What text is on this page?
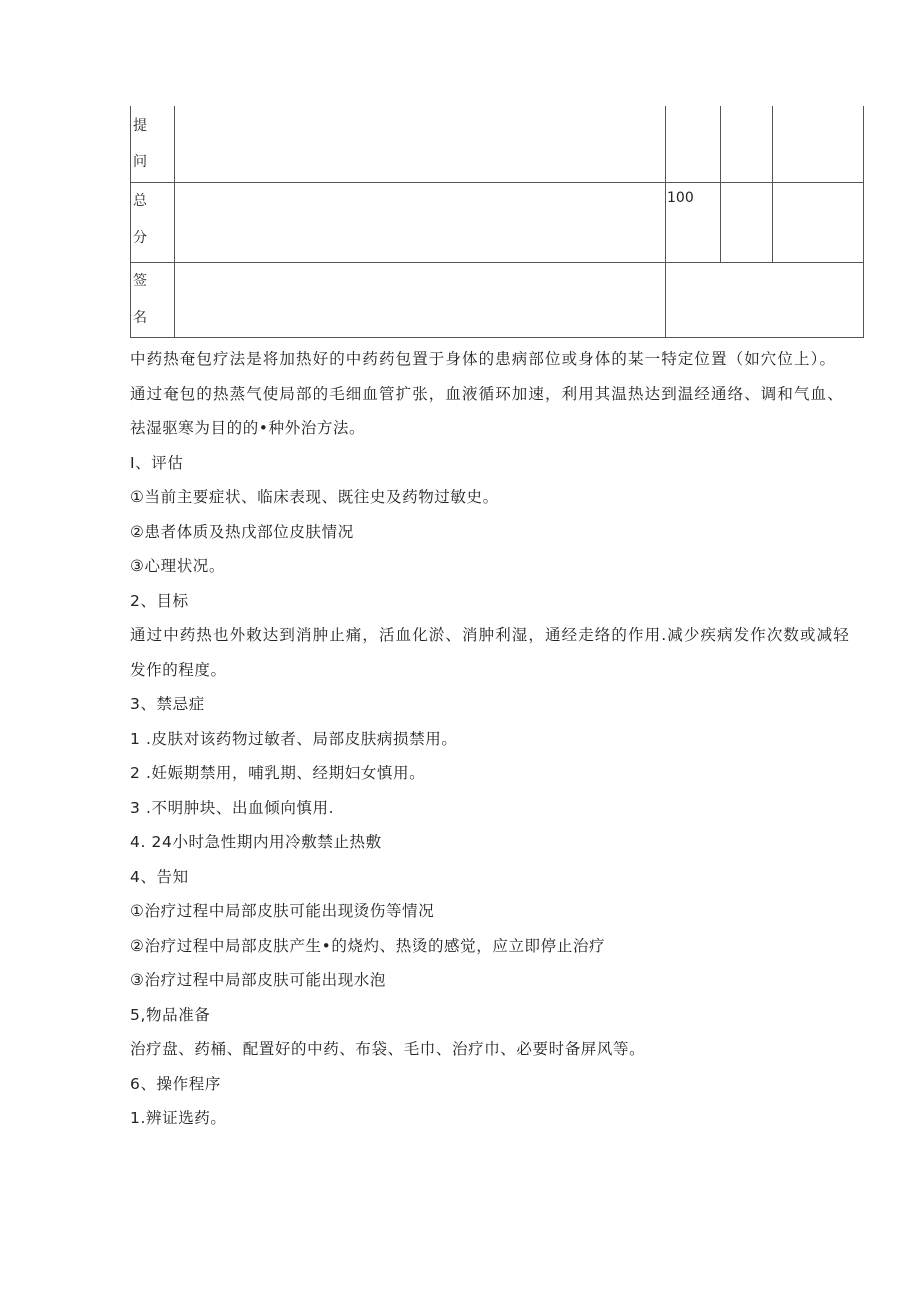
提
问				

总
分		100		

签
名				

中药热奄包疗法是将加热好的中药药包置于身体的患病部位或身体的某一特定位置（如穴位上）。

通过奄包的热蒸气使局部的毛细血管扩张，血液循环加速，利用其温热达到温经通络、调和气血、

祛湿驱寒为目的的•种外治方法。

I、评估

①当前主要症状、临床表现、既往史及药物过敏史。

②患者体质及热戊部位皮肤情况

③心理状况。

2、目标

通过中药热也外敕达到消肿止痛，活血化淤、消肿利湿，通经走络的作用.减少疾病发作次数或减轻

发作的程度。

3、禁忌症

1 .皮肤对该药物过敏者、局部皮肤病损禁用。

2 .妊娠期禁用，哺乳期、经期妇女慎用。

3 .不明肿块、出血倾向慎用.

4. 24小时急性期内用冷敷禁止热敷

4、告知

①治疗过程中局部皮肤可能出现烫伤等情况

②治疗过程中局部皮肤产生•的烧灼、热烫的感觉，应立即停止治疗

③治疗过程中局部皮肤可能出现水泡

5,物品准备

治疗盘、药桶、配置好的中药、布袋、毛巾、治疗巾、必要时备屏风等。

6、操作程序

1.辨证选药。
